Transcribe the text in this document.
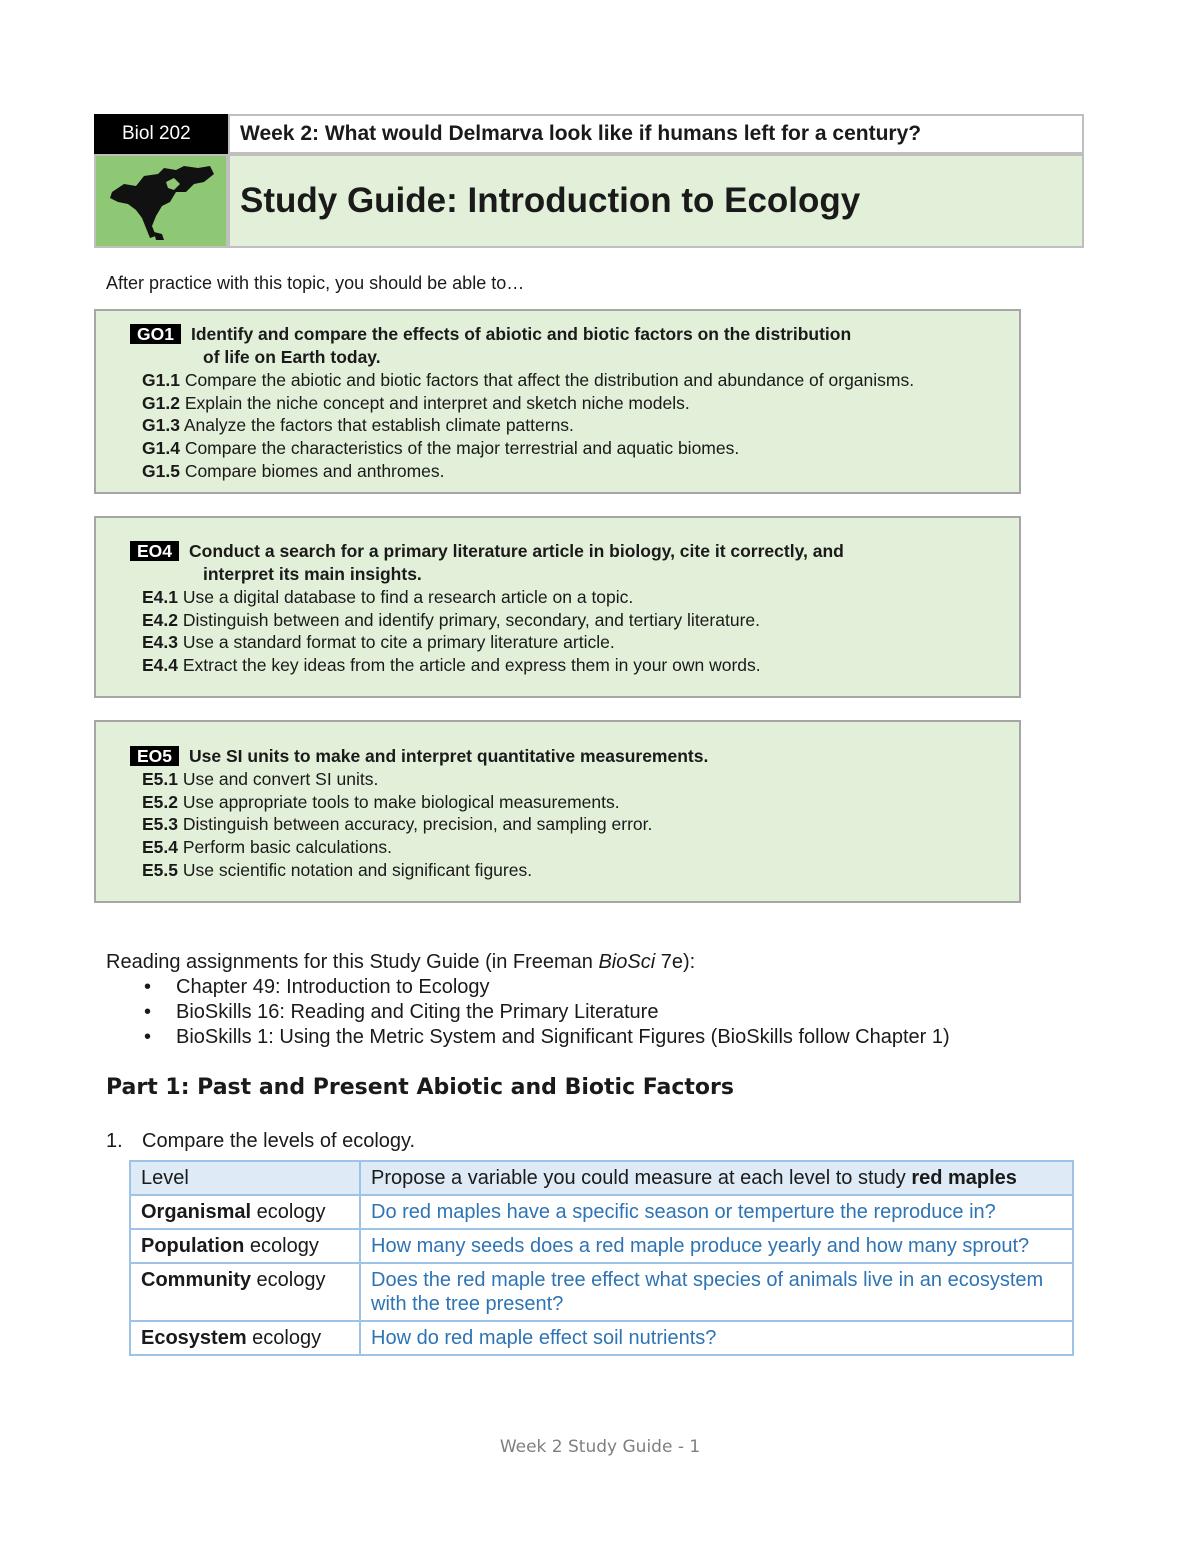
Biol 202	Week 2: What would Delmarva look like if humans left for a century?
Study Guide: Introduction to Ecology
After practice with this topic, you should be able to…
GO1 Identify and compare the effects of abiotic and biotic factors on the distribution
of life on Earth today.
G1.1 Compare the abiotic and biotic factors that affect the distribution and abundance of organisms.
G1.2 Explain the niche concept and interpret and sketch niche models.
G1.3 Analyze the factors that establish climate patterns.
G1.4 Compare the characteristics of the major terrestrial and aquatic biomes.
G1.5 Compare biomes and anthromes.
EO4 Conduct a search for a primary literature article in biology, cite it correctly, and
interpret its main insights.
E4.1 Use a digital database to find a research article on a topic.
E4.2 Distinguish between and identify primary, secondary, and tertiary literature.
E4.3 Use a standard format to cite a primary literature article.
E4.4 Extract the key ideas from the article and express them in your own words.
EO5 Use SI units to make and interpret quantitative measurements.
E5.1 Use and convert SI units.
E5.2 Use appropriate tools to make biological measurements.
E5.3 Distinguish between accuracy, precision, and sampling error.
E5.4 Perform basic calculations.
E5.5 Use scientific notation and significant figures.
Reading assignments for this Study Guide (in Freeman BioSci 7e):
• Chapter 49: Introduction to Ecology
• BioSkills 16: Reading and Citing the Primary Literature
• BioSkills 1: Using the Metric System and Significant Figures (BioSkills follow Chapter 1)
Part 1: Past and Present Abiotic and Biotic Factors
1. Compare the levels of ecology.
Level	Propose a variable you could measure at each level to study red maples
Organismal ecology	Do red maples have a specific season or temperture the reproduce in?
Population ecology	How many seeds does a red maple produce yearly and how many sprout?
Community ecology	Does the red maple tree effect what species of animals live in an ecosystem with the tree present?
Ecosystem ecology	How do red maple effect soil nutrients?
Week 2 Study Guide - 1
